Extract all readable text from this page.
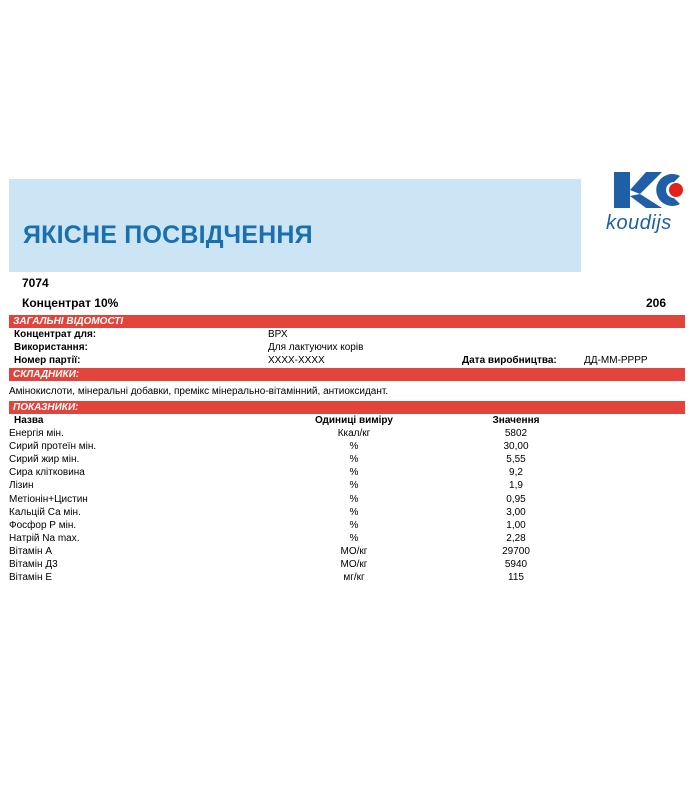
ЯКІСНЕ ПОСВІДЧЕННЯ	koudijs
7074
Концентрат 10%	206
ЗАГАЛЬНІ ВІДОМОСТІ
Концентрат для:	ВРХ
Використання:	Для лактуючих корів
Номер партії:	XXXX-XXXX	Дата виробництва:	ДД-ММ-РРРР
СКЛАДНИКИ:
Амінокислоти, мінеральні добавки, премікс мінерально-вітамінний, антиоксидант.
ПОКАЗНИКИ:
Назва	Одиниці виміру	Значення
Енергія мін.	Ккал/кг	5802
Сирий протеїн мін.	%	30,00
Сирий жир мін.	%	5,55
Сира клітковина	%	9,2
Лізин	%	1,9
Метіонін+Цистин	%	0,95
Кальцій Са мін.	%	3,00
Фосфор Р мін.	%	1,00
Натрій Na max.	%	2,28
Вітамін А	МО/кг	29700
Вітамін Д3	МО/кг	5940
Вітамін Е	мг/кг	115
